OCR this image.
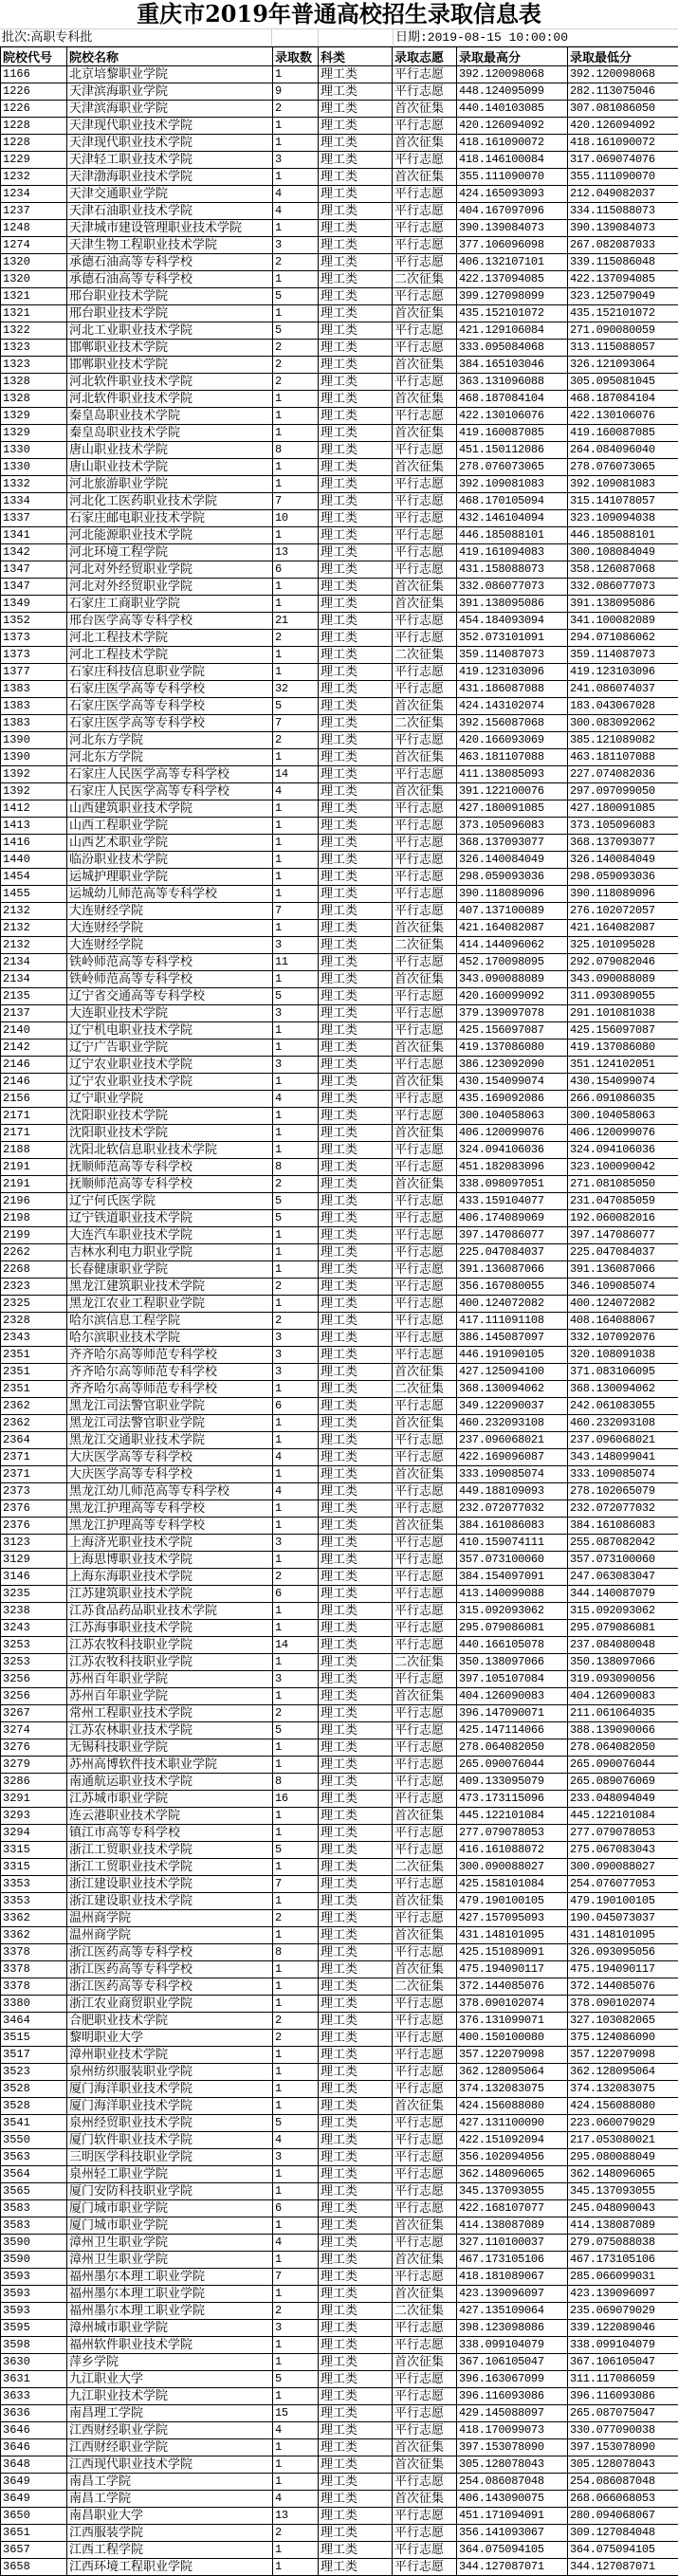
重庆市2019年普通高校招生录取信息表
批次:高职专科批	日期:2019-08-15 10:00:00
院校代号	院校名称	录取数	科类	录取志愿	录取最高分	录取最低分
1166	北京培黎职业学院	1	理工类	平行志愿	392.120098068	392.120098068
1226	天津滨海职业学院	9	理工类	平行志愿	448.124095099	282.113075046
1226	天津滨海职业学院	2	理工类	首次征集	440.140103085	307.081086050
1228	天津现代职业技术学院	1	理工类	平行志愿	420.126094092	420.126094092
1228	天津现代职业技术学院	1	理工类	首次征集	418.161090072	418.161090072
1229	天津轻工职业技术学院	3	理工类	平行志愿	418.146100084	317.069074076
1232	天津渤海职业技术学院	1	理工类	首次征集	355.111090070	355.111090070
1234	天津交通职业学院	4	理工类	平行志愿	424.165093093	212.049082037
1237	天津石油职业技术学院	4	理工类	平行志愿	404.167097096	334.115088073
1248	天津城市建设管理职业技术学院	1	理工类	平行志愿	390.139084073	390.139084073
1274	天津生物工程职业技术学院	3	理工类	平行志愿	377.106096098	267.082087033
1320	承德石油高等专科学校	2	理工类	平行志愿	406.132107101	339.115086048
1320	承德石油高等专科学校	1	理工类	二次征集	422.137094085	422.137094085
1321	邢台职业技术学院	5	理工类	平行志愿	399.127098099	323.125079049
1321	邢台职业技术学院	1	理工类	首次征集	435.152101072	435.152101072
1322	河北工业职业技术学院	5	理工类	平行志愿	421.129106084	271.090080059
1323	邯郸职业技术学院	2	理工类	平行志愿	333.095084068	313.115088057
1323	邯郸职业技术学院	2	理工类	首次征集	384.165103046	326.121093064
1328	河北软件职业技术学院	2	理工类	平行志愿	363.131096088	305.095081045
1328	河北软件职业技术学院	1	理工类	首次征集	468.187084104	468.187084104
1329	秦皇岛职业技术学院	1	理工类	平行志愿	422.130106076	422.130106076
1329	秦皇岛职业技术学院	1	理工类	首次征集	419.160087085	419.160087085
1330	唐山职业技术学院	8	理工类	平行志愿	451.150112086	264.084096040
1330	唐山职业技术学院	1	理工类	首次征集	278.076073065	278.076073065
1332	河北旅游职业学院	1	理工类	平行志愿	392.109081083	392.109081083
1334	河北化工医药职业技术学院	7	理工类	平行志愿	468.170105094	315.141078057
1337	石家庄邮电职业技术学院	10	理工类	平行志愿	432.146104094	323.109094038
1341	河北能源职业技术学院	1	理工类	平行志愿	446.185088101	446.185088101
1342	河北环境工程学院	13	理工类	平行志愿	419.161094083	300.108084049
1347	河北对外经贸职业学院	6	理工类	平行志愿	431.158088073	358.126087068
1347	河北对外经贸职业学院	1	理工类	首次征集	332.086077073	332.086077073
1349	石家庄工商职业学院	1	理工类	首次征集	391.138095086	391.138095086
1352	邢台医学高等专科学校	21	理工类	平行志愿	454.184093094	341.100082089
1373	河北工程技术学院	2	理工类	平行志愿	352.073101091	294.071086062
1373	河北工程技术学院	1	理工类	二次征集	359.114087073	359.114087073
1377	石家庄科技信息职业学院	1	理工类	平行志愿	419.123103096	419.123103096
1383	石家庄医学高等专科学校	32	理工类	平行志愿	431.186087088	241.086074037
1383	石家庄医学高等专科学校	5	理工类	首次征集	424.143102074	183.043067028
1383	石家庄医学高等专科学校	7	理工类	二次征集	392.156087068	300.083092062
1390	河北东方学院	2	理工类	平行志愿	420.166093069	385.121089082
1390	河北东方学院	1	理工类	首次征集	463.181107088	463.181107088
1392	石家庄人民医学高等专科学校	14	理工类	平行志愿	411.138085093	227.074082036
1392	石家庄人民医学高等专科学校	4	理工类	首次征集	391.122100076	297.097099050
1412	山西建筑职业技术学院	1	理工类	平行志愿	427.180091085	427.180091085
1413	山西工程职业学院	1	理工类	平行志愿	373.105096083	373.105096083
1416	山西艺术职业学院	1	理工类	平行志愿	368.137093077	368.137093077
1440	临汾职业技术学院	1	理工类	平行志愿	326.140084049	326.140084049
1454	运城护理职业学院	1	理工类	平行志愿	298.059093036	298.059093036
1455	运城幼儿师范高等专科学校	1	理工类	平行志愿	390.118089096	390.118089096
2132	大连财经学院	7	理工类	平行志愿	407.137100089	276.102072057
2132	大连财经学院	1	理工类	首次征集	421.164082087	421.164082087
2132	大连财经学院	3	理工类	二次征集	414.144096062	325.101095028
2134	铁岭师范高等专科学校	11	理工类	平行志愿	452.170098095	292.079082046
2134	铁岭师范高等专科学校	1	理工类	首次征集	343.090088089	343.090088089
2135	辽宁省交通高等专科学校	5	理工类	平行志愿	420.160099092	311.093089055
2137	大连职业技术学院	3	理工类	平行志愿	379.139097078	291.101081038
2140	辽宁机电职业技术学院	1	理工类	平行志愿	425.156097087	425.156097087
2142	辽宁广告职业学院	1	理工类	首次征集	419.137086080	419.137086080
2146	辽宁农业职业技术学院	3	理工类	平行志愿	386.123092090	351.124102051
2146	辽宁农业职业技术学院	1	理工类	首次征集	430.154099074	430.154099074
2156	辽宁职业学院	4	理工类	平行志愿	435.169092086	266.091086035
2171	沈阳职业技术学院	1	理工类	平行志愿	300.104058063	300.104058063
2171	沈阳职业技术学院	1	理工类	首次征集	406.120099076	406.120099076
2188	沈阳北软信息职业技术学院	1	理工类	平行志愿	324.094106036	324.094106036
2191	抚顺师范高等专科学校	8	理工类	平行志愿	451.182083096	323.100090042
2191	抚顺师范高等专科学校	2	理工类	首次征集	338.098097051	271.081085050
2196	辽宁何氏医学院	5	理工类	平行志愿	433.159104077	231.047085059
2198	辽宁铁道职业技术学院	5	理工类	平行志愿	406.174089069	192.060082016
2199	大连汽车职业技术学院	1	理工类	平行志愿	397.147086077	397.147086077
2262	吉林水利电力职业学院	1	理工类	平行志愿	225.047084037	225.047084037
2268	长春健康职业学院	1	理工类	平行志愿	391.136087066	391.136087066
2323	黑龙江建筑职业技术学院	2	理工类	平行志愿	356.167080055	346.109085074
2325	黑龙江农业工程职业学院	1	理工类	平行志愿	400.124072082	400.124072082
2328	哈尔滨信息工程学院	2	理工类	平行志愿	417.111091108	408.164088067
2343	哈尔滨职业技术学院	3	理工类	平行志愿	386.145087097	332.107092076
2351	齐齐哈尔高等师范专科学校	3	理工类	平行志愿	446.191090105	320.108091038
2351	齐齐哈尔高等师范专科学校	3	理工类	首次征集	427.125094100	371.083106095
2351	齐齐哈尔高等师范专科学校	1	理工类	二次征集	368.130094062	368.130094062
2362	黑龙江司法警官职业学院	6	理工类	平行志愿	349.122090037	242.061083055
2362	黑龙江司法警官职业学院	1	理工类	首次征集	460.232093108	460.232093108
2364	黑龙江交通职业技术学院	1	理工类	平行志愿	237.096068021	237.096068021
2371	大庆医学高等专科学校	4	理工类	平行志愿	422.169096087	343.148099041
2371	大庆医学高等专科学校	1	理工类	首次征集	333.109085074	333.109085074
2373	黑龙江幼儿师范高等专科学校	4	理工类	平行志愿	449.188109093	278.102065079
2376	黑龙江护理高等专科学校	1	理工类	平行志愿	232.072077032	232.072077032
2376	黑龙江护理高等专科学校	1	理工类	首次征集	384.161086083	384.161086083
3123	上海济光职业技术学院	3	理工类	平行志愿	410.159074111	255.087082042
3129	上海思博职业技术学院	1	理工类	平行志愿	357.073100060	357.073100060
3146	上海东海职业技术学院	2	理工类	平行志愿	384.154097091	247.063083047
3235	江苏建筑职业技术学院	6	理工类	平行志愿	413.140099088	344.140087079
3238	江苏食品药品职业技术学院	1	理工类	平行志愿	315.092093062	315.092093062
3243	江苏海事职业技术学院	1	理工类	平行志愿	295.079086081	295.079086081
3253	江苏农牧科技职业学院	14	理工类	平行志愿	440.166105078	237.084080048
3253	江苏农牧科技职业学院	1	理工类	二次征集	350.138097066	350.138097066
3256	苏州百年职业学院	3	理工类	平行志愿	397.105107084	319.093090056
3256	苏州百年职业学院	1	理工类	首次征集	404.126090083	404.126090083
3267	常州工程职业技术学院	2	理工类	平行志愿	396.147090071	211.061064035
3274	江苏农林职业技术学院	5	理工类	平行志愿	425.147114066	388.139090066
3276	无锡科技职业学院	1	理工类	平行志愿	278.064082050	278.064082050
3279	苏州高博软件技术职业学院	1	理工类	平行志愿	265.090076044	265.090076044
3286	南通航运职业技术学院	8	理工类	平行志愿	409.133095079	265.089076069
3291	江苏城市职业学院	16	理工类	平行志愿	473.173115096	233.048094049
3293	连云港职业技术学院	1	理工类	首次征集	445.122101084	445.122101084
3294	镇江市高等专科学校	1	理工类	平行志愿	277.079078053	277.079078053
3315	浙江工贸职业技术学院	5	理工类	平行志愿	416.161088072	275.067083043
3315	浙江工贸职业技术学院	1	理工类	二次征集	300.090088027	300.090088027
3353	浙江建设职业技术学院	7	理工类	平行志愿	425.158101084	254.076077053
3353	浙江建设职业技术学院	1	理工类	首次征集	479.190100105	479.190100105
3362	温州商学院	2	理工类	平行志愿	427.157095093	190.045073037
3362	温州商学院	1	理工类	首次征集	431.148101095	431.148101095
3378	浙江医药高等专科学校	8	理工类	平行志愿	425.151089091	326.093095056
3378	浙江医药高等专科学校	1	理工类	首次征集	475.194090117	475.194090117
3378	浙江医药高等专科学校	1	理工类	二次征集	372.144085076	372.144085076
3380	浙江农业商贸职业学院	1	理工类	平行志愿	378.090102074	378.090102074
3464	合肥职业技术学院	2	理工类	平行志愿	376.131099071	327.103082065
3515	黎明职业大学	2	理工类	平行志愿	400.150100080	375.124086090
3517	漳州职业技术学院	1	理工类	平行志愿	357.122079098	357.122079098
3523	泉州纺织服装职业学院	1	理工类	平行志愿	362.128095064	362.128095064
3528	厦门海洋职业技术学院	1	理工类	平行志愿	374.132083075	374.132083075
3528	厦门海洋职业技术学院	1	理工类	首次征集	424.156088080	424.156088080
3541	泉州经贸职业技术学院	5	理工类	平行志愿	427.131100090	223.060079029
3550	厦门软件职业技术学院	4	理工类	平行志愿	422.151092094	217.053080021
3563	三明医学科技职业学院	3	理工类	平行志愿	356.102094056	295.080088049
3564	泉州轻工职业学院	1	理工类	平行志愿	362.148096065	362.148096065
3565	厦门安防科技职业学院	1	理工类	平行志愿	345.137093055	345.137093055
3583	厦门城市职业学院	6	理工类	平行志愿	422.168107077	245.048090043
3583	厦门城市职业学院	1	理工类	首次征集	414.138087089	414.138087089
3590	漳州卫生职业学院	4	理工类	平行志愿	327.110100037	279.075088038
3590	漳州卫生职业学院	1	理工类	首次征集	467.173105106	467.173105106
3593	福州墨尔本理工职业学院	7	理工类	平行志愿	418.181089067	285.066099031
3593	福州墨尔本理工职业学院	1	理工类	首次征集	423.139096097	423.139096097
3593	福州墨尔本理工职业学院	2	理工类	二次征集	427.135109064	235.069079029
3595	漳州城市职业学院	3	理工类	平行志愿	398.123098086	339.122089046
3598	福州软件职业技术学院	1	理工类	平行志愿	338.099104079	338.099104079
3630	萍乡学院	1	理工类	首次征集	367.106105047	367.106105047
3631	九江职业大学	5	理工类	平行志愿	396.163067099	311.117086059
3633	九江职业技术学院	1	理工类	平行志愿	396.116093086	396.116093086
3636	南昌理工学院	15	理工类	平行志愿	429.145088097	265.087075047
3646	江西财经职业学院	4	理工类	平行志愿	418.170099073	330.077090038
3646	江西财经职业学院	1	理工类	首次征集	397.153078090	397.153078090
3648	江西现代职业技术学院	1	理工类	首次征集	305.128078043	305.128078043
3649	南昌工学院	1	理工类	平行志愿	254.086087048	254.086087048
3649	南昌工学院	4	理工类	首次征集	406.143090075	268.066068053
3650	南昌职业大学	13	理工类	平行志愿	451.171094091	280.094068067
3651	江西服装学院	2	理工类	平行志愿	356.141093067	309.127084048
3657	江西工程学院	1	理工类	平行志愿	364.075094105	364.075094105
3658	江西环境工程职业学院	1	理工类	平行志愿	344.127087071	344.127087071
